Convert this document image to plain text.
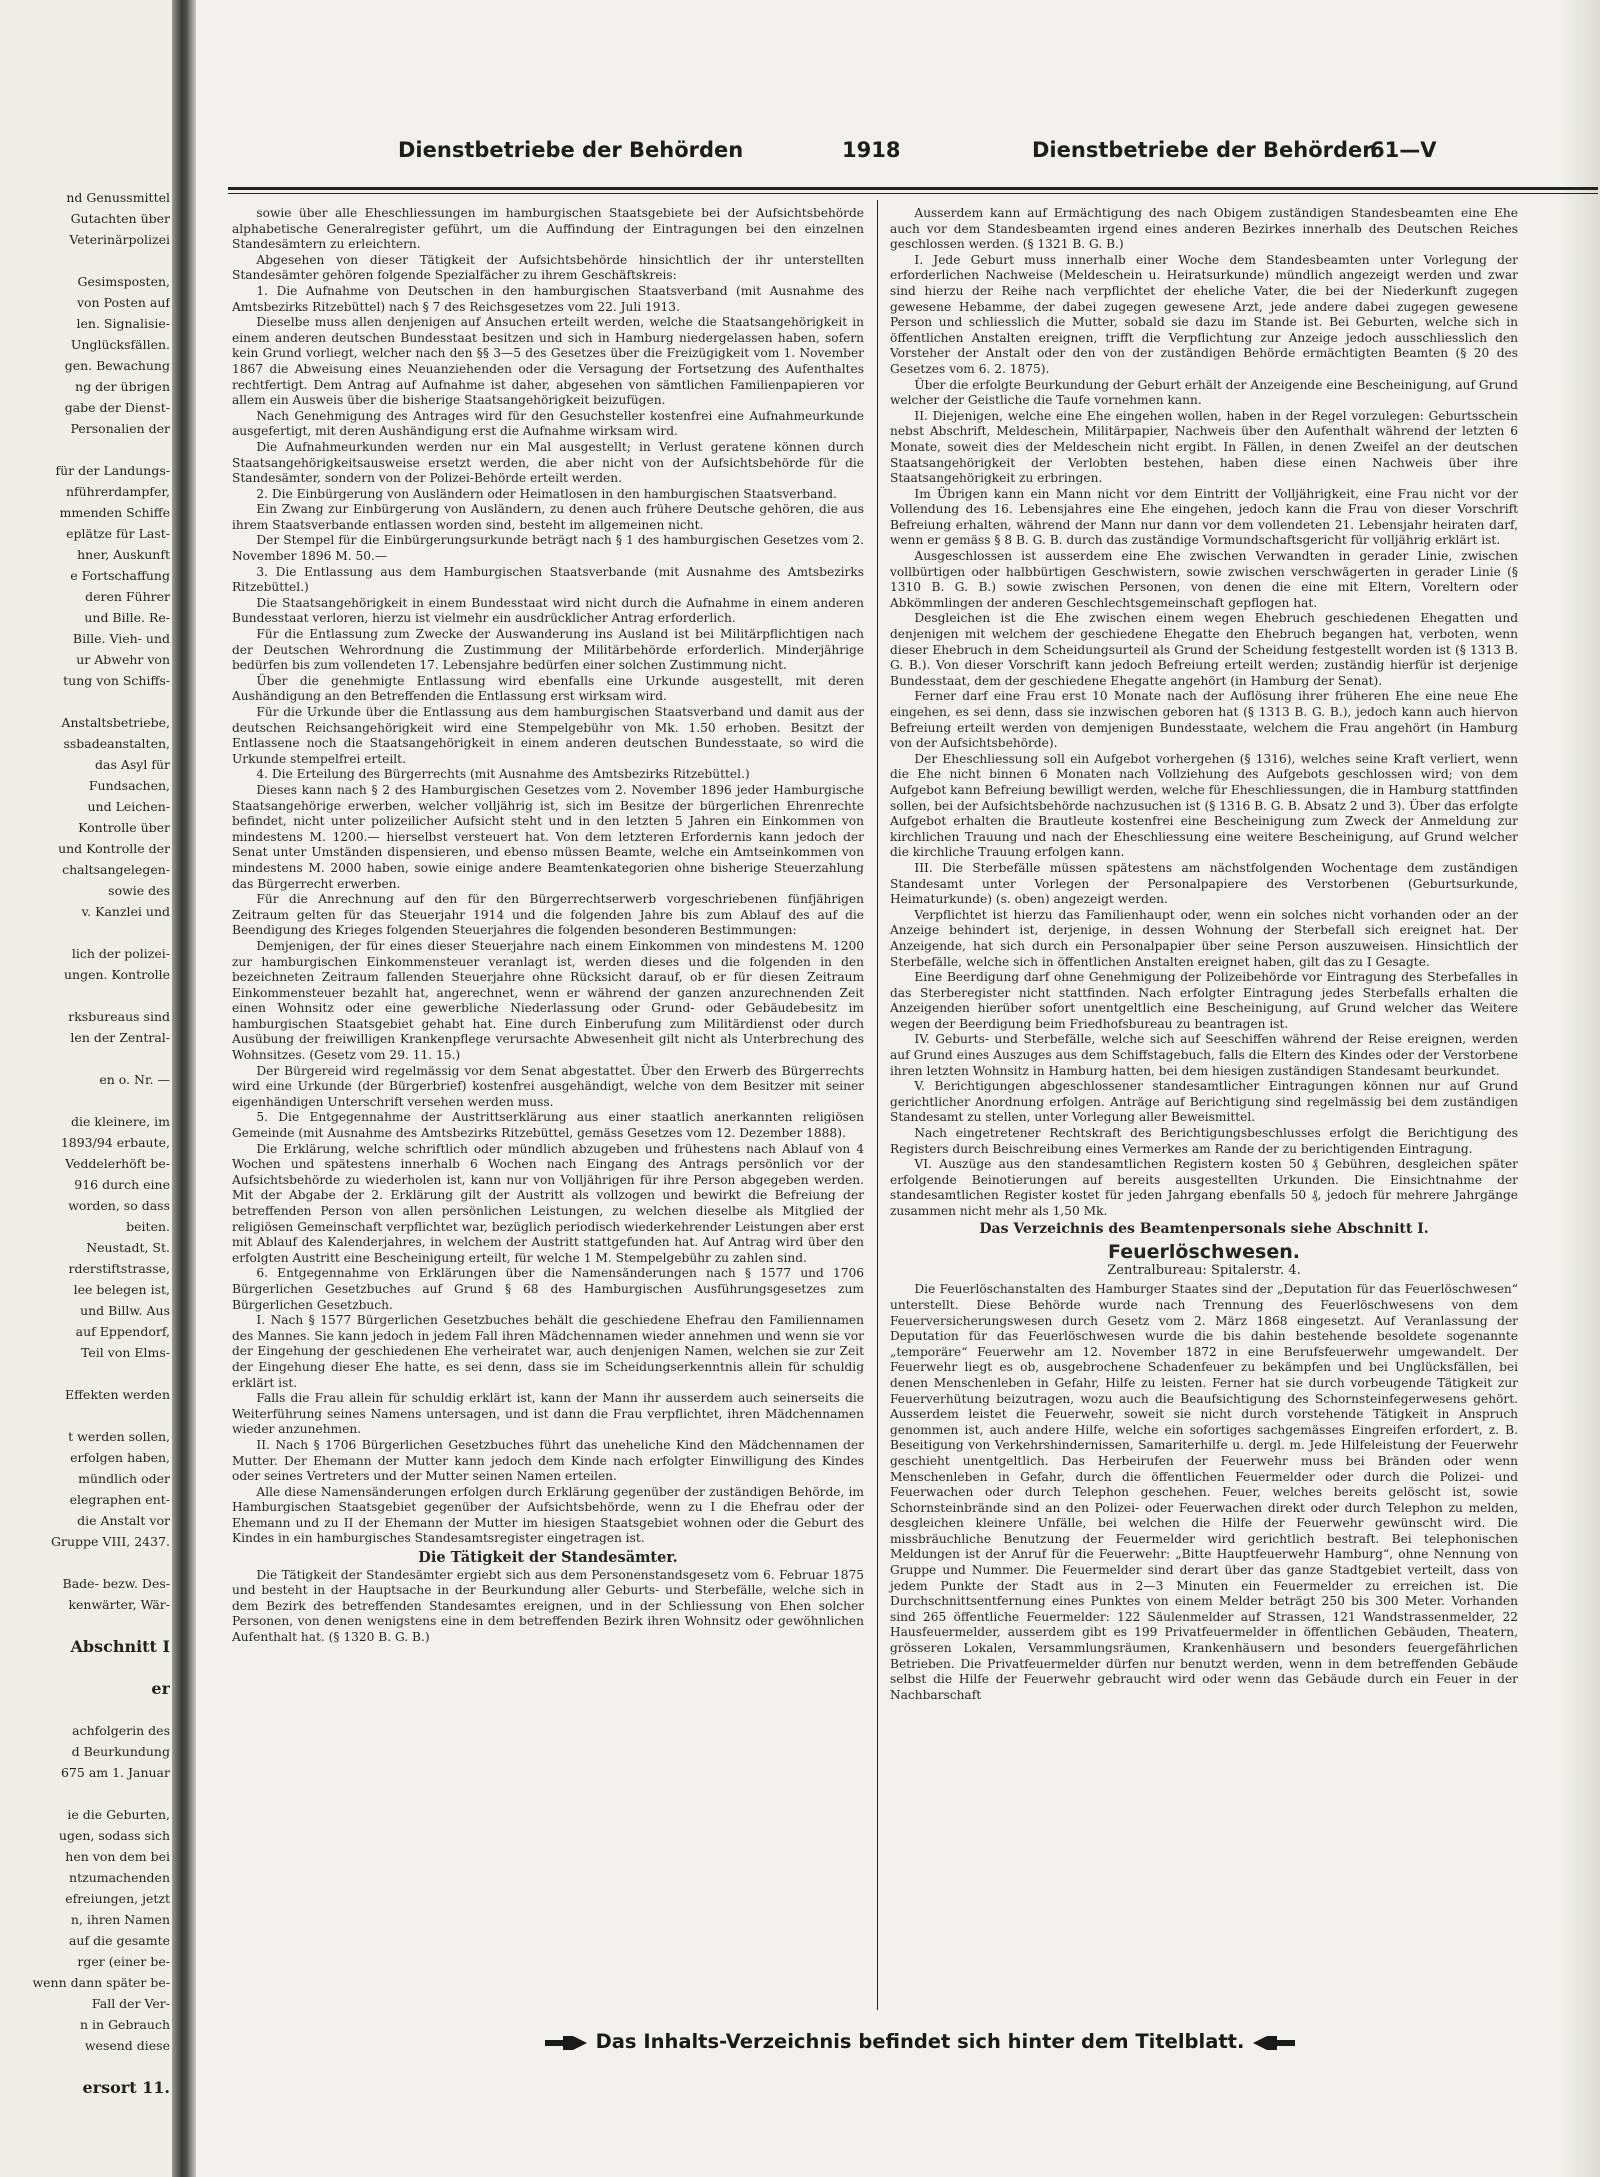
nd Genussmittel
Gutachten über
Veterinärpolizei
Gesimsposten,
von Posten auf
len. Signalisie-
Unglücksfällen.
gen. Bewachung
ng der übrigen
gabe der Dienst-
Personalien der
für der Landungs-
nführerdampfer,
mmenden Schiffe
eplätze für Last-
hner, Auskunft
e Fortschaffung
deren Führer
und Bille. Re-
Bille. Vieh- und
ur Abwehr von
tung von Schiffs-
Anstaltsbetriebe,
ssbadeanstalten,
das Asyl für
Fundsachen,
und Leichen-
Kontrolle über
und Kontrolle der
chaltsangelegen-
sowie des
v. Kanzlei und
lich der polizei-
ungen. Kontrolle
rksbureaus sind
len der Zentral-
en o. Nr. —
die kleinere, im
1893/94 erbaute,
Veddelerhöft be-
916 durch eine
worden, so dass
beiten.
Neustadt, St.
rderstiftstrasse,
lee belegen ist,
und Billw. Aus
auf Eppendorf,
Teil von Elms-
Effekten werden
t werden sollen,
erfolgen haben,
mündlich oder
elegraphen ent-
die Anstalt vor
Gruppe VIII, 2437.
Bade- bezw. Des-
kenwärter, Wär-
Abschnitt I
er
achfolgerin des
d Beurkundung
675 am 1. Januar
ie die Geburten,
ugen, sodass sich
hen von dem bei
ntzumachenden
efreiungen, jetzt
n, ihren Namen
auf die gesamte
rger (einer be-
wenn dann später be-
Fall der Ver-
n in Gebrauch
wesend diese
ersort 11.
Dienstbetriebe der Behörden	1918	Dienstbetriebe der Behörden
61—V

sowie über alle Eheschliessungen im hamburgischen Staatsgebiete bei der Aufsichtsbehörde alphabetische Generalregister geführt, um die Auffindung der Eintragungen bei den einzelnen Standesämtern zu erleichtern.

Abgesehen von dieser Tätigkeit der Aufsichtsbehörde hinsichtlich der ihr unterstellten Standesämter gehören folgende Spezialfächer zu ihrem Geschäftskreis:

1. Die Aufnahme von Deutschen in den hamburgischen Staatsverband (mit Ausnahme des Amtsbezirks Ritzebüttel) nach § 7 des Reichsgesetzes vom 22. Juli 1913.

Dieselbe muss allen denjenigen auf Ansuchen erteilt werden, welche die Staatsangehörigkeit in einem anderen deutschen Bundesstaat besitzen und sich in Hamburg niedergelassen haben, sofern kein Grund vorliegt, welcher nach den §§ 3—5 des Gesetzes über die Freizügigkeit vom 1. November 1867 die Abweisung eines Neuanziehenden oder die Versagung der Fortsetzung des Aufenthaltes rechtfertigt. Dem Antrag auf Aufnahme ist daher, abgesehen von sämtlichen Familienpapieren vor allem ein Ausweis über die bisherige Staatsangehörigkeit beizufügen.

Nach Genehmigung des Antrages wird für den Gesuchsteller kostenfrei eine Aufnahmeurkunde ausgefertigt, mit deren Aushändigung erst die Aufnahme wirksam wird.

Die Aufnahmeurkunden werden nur ein Mal ausgestellt; in Verlust geratene können durch Staatsangehörigkeitsausweise ersetzt werden, die aber nicht von der Aufsichtsbehörde für die Standesämter, sondern von der Polizei-Behörde erteilt werden.

2. Die Einbürgerung von Ausländern oder Heimatlosen in den hamburgischen Staatsverband.

Ein Zwang zur Einbürgerung von Ausländern, zu denen auch frühere Deutsche gehören, die aus ihrem Staatsverbande entlassen worden sind, besteht im allgemeinen nicht.

Der Stempel für die Einbürgerungsurkunde beträgt nach § 1 des hamburgischen Gesetzes vom 2. November 1896 M. 50.—

3. Die Entlassung aus dem Hamburgischen Staatsverbande (mit Ausnahme des Amtsbezirks Ritzebüttel.)

Die Staatsangehörigkeit in einem Bundesstaat wird nicht durch die Aufnahme in einem anderen Bundesstaat verloren, hierzu ist vielmehr ein ausdrücklicher Antrag erforderlich.

Für die Entlassung zum Zwecke der Auswanderung ins Ausland ist bei Militärpflichtigen nach der Deutschen Wehrordnung die Zustimmung der Militärbehörde erforderlich. Minderjährige bedürfen bis zum vollendeten 17. Lebensjahre bedürfen einer solchen Zustimmung nicht.

Über die genehmigte Entlassung wird ebenfalls eine Urkunde ausgestellt, mit deren Aushändigung an den Betreffenden die Entlassung erst wirksam wird.

Für die Urkunde über die Entlassung aus dem hamburgischen Staatsverband und damit aus der deutschen Reichsangehörigkeit wird eine Stempelgebühr von Mk. 1.50 erhoben. Besitzt der Entlassene noch die Staatsangehörigkeit in einem anderen deutschen Bundesstaate, so wird die Urkunde stempelfrei erteilt.

4. Die Erteilung des Bürgerrechts (mit Ausnahme des Amtsbezirks Ritzebüttel.)

Dieses kann nach § 2 des Hamburgischen Gesetzes vom 2. November 1896 jeder Hamburgische Staatsangehörige erwerben, welcher volljährig ist, sich im Besitze der bürgerlichen Ehrenrechte befindet, nicht unter polizeilicher Aufsicht steht und in den letzten 5 Jahren ein Einkommen von mindestens M. 1200.— hierselbst versteuert hat. Von dem letzteren Erfordernis kann jedoch der Senat unter Umständen dispensieren, und ebenso müssen Beamte, welche ein Amtseinkommen von mindestens M. 2000 haben, sowie einige andere Beamtenkategorien ohne bisherige Steuerzahlung das Bürgerrecht erwerben.

Für die Anrechnung auf den für den Bürgerrechtserwerb vorgeschriebenen fünfjährigen Zeitraum gelten für das Steuerjahr 1914 und die folgenden Jahre bis zum Ablauf des auf die Beendigung des Krieges folgenden Steuerjahres die folgenden besonderen Bestimmungen:

Demjenigen, der für eines dieser Steuerjahre nach einem Einkommen von mindestens M. 1200 zur hamburgischen Einkommensteuer veranlagt ist, werden dieses und die folgenden in den bezeichneten Zeitraum fallenden Steuerjahre ohne Rücksicht darauf, ob er für diesen Zeitraum Einkommensteuer bezahlt hat, angerechnet, wenn er während der ganzen anzurechnenden Zeit einen Wohnsitz oder eine gewerbliche Niederlassung oder Grund- oder Gebäudebesitz im hamburgischen Staatsgebiet gehabt hat. Eine durch Einberufung zum Militärdienst oder durch Ausübung der freiwilligen Krankenpflege verursachte Abwesenheit gilt nicht als Unterbrechung des Wohnsitzes. (Gesetz vom 29. 11. 15.)

Der Bürgereid wird regelmässig vor dem Senat abgestattet. Über den Erwerb des Bürgerrechts wird eine Urkunde (der Bürgerbrief) kostenfrei ausgehändigt, welche von dem Besitzer mit seiner eigenhändigen Unterschrift versehen werden muss.

5. Die Entgegennahme der Austrittserklärung aus einer staatlich anerkannten religiösen Gemeinde (mit Ausnahme des Amtsbezirks Ritzebüttel, gemäss Gesetzes vom 12. Dezember 1888).

Die Erklärung, welche schriftlich oder mündlich abzugeben und frühestens nach Ablauf von 4 Wochen und spätestens innerhalb 6 Wochen nach Eingang des Antrags persönlich vor der Aufsichtsbehörde zu wiederholen ist, kann nur von Volljährigen für ihre Person abgegeben werden. Mit der Abgabe der 2. Erklärung gilt der Austritt als vollzogen und bewirkt die Befreiung der betreffenden Person von allen persönlichen Leistungen, zu welchen dieselbe als Mitglied der religiösen Gemeinschaft verpflichtet war, bezüglich periodisch wiederkehrender Leistungen aber erst mit Ablauf des Kalenderjahres, in welchem der Austritt stattgefunden hat. Auf Antrag wird über den erfolgten Austritt eine Bescheinigung erteilt, für welche 1 M. Stempelgebühr zu zahlen sind.

6. Entgegennahme von Erklärungen über die Namensänderungen nach § 1577 und 1706 Bürgerlichen Gesetzbuches auf Grund § 68 des Hamburgischen Ausführungsgesetzes zum Bürgerlichen Gesetzbuch.

I. Nach § 1577 Bürgerlichen Gesetzbuches behält die geschiedene Ehefrau den Familiennamen des Mannes. Sie kann jedoch in jedem Fall ihren Mädchennamen wieder annehmen und wenn sie vor der Eingehung der geschiedenen Ehe verheiratet war, auch denjenigen Namen, welchen sie zur Zeit der Eingehung dieser Ehe hatte, es sei denn, dass sie im Scheidungserkenntnis allein für schuldig erklärt ist.

Falls die Frau allein für schuldig erklärt ist, kann der Mann ihr ausserdem auch seinerseits die Weiterführung seines Namens untersagen, und ist dann die Frau verpflichtet, ihren Mädchennamen wieder anzunehmen.

II. Nach § 1706 Bürgerlichen Gesetzbuches führt das uneheliche Kind den Mädchennamen der Mutter. Der Ehemann der Mutter kann jedoch dem Kinde nach erfolgter Einwilligung des Kindes oder seines Vertreters und der Mutter seinen Namen erteilen.

Alle diese Namensänderungen erfolgen durch Erklärung gegenüber der zuständigen Behörde, im Hamburgischen Staatsgebiet gegenüber der Aufsichtsbehörde, wenn zu I die Ehefrau oder der Ehemann und zu II der Ehemann der Mutter im hiesigen Staatsgebiet wohnen oder die Geburt des Kindes in ein hamburgisches Standesamtsregister eingetragen ist.

Die Tätigkeit der Standesämter.

Die Tätigkeit der Standesämter ergiebt sich aus dem Personenstandsgesetz vom 6. Februar 1875 und besteht in der Hauptsache in der Beurkundung aller Geburts- und Sterbefälle, welche sich in dem Bezirk des betreffenden Standesamtes ereignen, und in der Schliessung von Ehen solcher Personen, von denen wenigstens eine in dem betreffenden Bezirk ihren Wohnsitz oder gewöhnlichen Aufenthalt hat. (§ 1320 B. G. B.)

Ausserdem kann auf Ermächtigung des nach Obigem zuständigen Standesbeamten eine Ehe auch vor dem Standesbeamten irgend eines anderen Bezirkes innerhalb des Deutschen Reiches geschlossen werden. (§ 1321 B. G. B.)

I. Jede Geburt muss innerhalb einer Woche dem Standesbeamten unter Vorlegung der erforderlichen Nachweise (Meldeschein u. Heiratsurkunde) mündlich angezeigt werden und zwar sind hierzu der Reihe nach verpflichtet der eheliche Vater, die bei der Niederkunft zugegen gewesene Hebamme, der dabei zugegen gewesene Arzt, jede andere dabei zugegen gewesene Person und schliesslich die Mutter, sobald sie dazu im Stande ist. Bei Geburten, welche sich in öffentlichen Anstalten ereignen, trifft die Verpflichtung zur Anzeige jedoch ausschliesslich den Vorsteher der Anstalt oder den von der zuständigen Behörde ermächtigten Beamten (§ 20 des Gesetzes vom 6. 2. 1875).

Über die erfolgte Beurkundung der Geburt erhält der Anzeigende eine Bescheinigung, auf Grund welcher der Geistliche die Taufe vornehmen kann.

II. Diejenigen, welche eine Ehe eingehen wollen, haben in der Regel vorzulegen: Geburtsschein nebst Abschrift, Meldeschein, Militärpapier, Nachweis über den Aufenthalt während der letzten 6 Monate, soweit dies der Meldeschein nicht ergibt. In Fällen, in denen Zweifel an der deutschen Staatsangehörigkeit der Verlobten bestehen, haben diese einen Nachweis über ihre Staatsangehörigkeit zu erbringen.

Im Übrigen kann ein Mann nicht vor dem Eintritt der Volljährigkeit, eine Frau nicht vor der Vollendung des 16. Lebensjahres eine Ehe eingehen, jedoch kann die Frau von dieser Vorschrift Befreiung erhalten, während der Mann nur dann vor dem vollendeten 21. Lebensjahr heiraten darf, wenn er gemäss § 8 B. G. B. durch das zuständige Vormundschaftsgericht für volljährig erklärt ist.

Ausgeschlossen ist ausserdem eine Ehe zwischen Verwandten in gerader Linie, zwischen vollbürtigen oder halbbürtigen Geschwistern, sowie zwischen verschwägerten in gerader Linie (§ 1310 B. G. B.) sowie zwischen Personen, von denen die eine mit Eltern, Voreltern oder Abkömmlingen der anderen Geschlechtsgemeinschaft gepflogen hat.

Desgleichen ist die Ehe zwischen einem wegen Ehebruch geschiedenen Ehegatten und denjenigen mit welchem der geschiedene Ehegatte den Ehebruch begangen hat, verboten, wenn dieser Ehebruch in dem Scheidungsurteil als Grund der Scheidung festgestellt worden ist (§ 1313 B. G. B.). Von dieser Vorschrift kann jedoch Befreiung erteilt werden; zuständig hierfür ist derjenige Bundesstaat, dem der geschiedene Ehegatte angehört (in Hamburg der Senat).

Ferner darf eine Frau erst 10 Monate nach der Auflösung ihrer früheren Ehe eine neue Ehe eingehen, es sei denn, dass sie inzwischen geboren hat (§ 1313 B. G. B.), jedoch kann auch hiervon Befreiung erteilt werden von demjenigen Bundesstaate, welchem die Frau angehört (in Hamburg von der Aufsichtsbehörde).

Der Eheschliessung soll ein Aufgebot vorhergehen (§ 1316), welches seine Kraft verliert, wenn die Ehe nicht binnen 6 Monaten nach Vollziehung des Aufgebots geschlossen wird; von dem Aufgebot kann Befreiung bewilligt werden, welche für Eheschliessungen, die in Hamburg stattfinden sollen, bei der Aufsichtsbehörde nachzusuchen ist (§ 1316 B. G. B. Absatz 2 und 3). Über das erfolgte Aufgebot erhalten die Brautleute kostenfrei eine Bescheinigung zum Zweck der Anmeldung zur kirchlichen Trauung und nach der Eheschliessung eine weitere Bescheinigung, auf Grund welcher die kirchliche Trauung erfolgen kann.

III. Die Sterbefälle müssen spätestens am nächstfolgenden Wochentage dem zuständigen Standesamt unter Vorlegen der Personalpapiere des Verstorbenen (Geburtsurkunde, Heimaturkunde) (s. oben) angezeigt werden.

Verpflichtet ist hierzu das Familienhaupt oder, wenn ein solches nicht vorhanden oder an der Anzeige behindert ist, derjenige, in dessen Wohnung der Sterbefall sich ereignet hat. Der Anzeigende, hat sich durch ein Personalpapier über seine Person auszuweisen. Hinsichtlich der Sterbefälle, welche sich in öffentlichen Anstalten ereignet haben, gilt das zu I Gesagte.

Eine Beerdigung darf ohne Genehmigung der Polizeibehörde vor Eintragung des Sterbefalles in das Sterberegister nicht stattfinden. Nach erfolgter Eintragung jedes Sterbefalls erhalten die Anzeigenden hierüber sofort unentgeltlich eine Bescheinigung, auf Grund welcher das Weitere wegen der Beerdigung beim Friedhofsbureau zu beantragen ist.

IV. Geburts- und Sterbefälle, welche sich auf Seeschiffen während der Reise ereignen, werden auf Grund eines Auszuges aus dem Schiffstagebuch, falls die Eltern des Kindes oder der Verstorbene ihren letzten Wohnsitz in Hamburg hatten, bei dem hiesigen zuständigen Standesamt beurkundet.

V. Berichtigungen abgeschlossener standesamtlicher Eintragungen können nur auf Grund gerichtlicher Anordnung erfolgen. Anträge auf Berichtigung sind regelmässig bei dem zuständigen Standesamt zu stellen, unter Vorlegung aller Beweismittel.

Nach eingetretener Rechtskraft des Berichtigungsbeschlusses erfolgt die Berichtigung des Registers durch Beischreibung eines Vermerkes am Rande der zu berichtigenden Eintragung.

VI. Auszüge aus den standesamtlichen Registern kosten 50 ₰ Gebühren, desgleichen später erfolgende Beinotierungen auf bereits ausgestellten Urkunden. Die Einsichtnahme der standesamtlichen Register kostet für jeden Jahrgang ebenfalls 50 ₰, jedoch für mehrere Jahrgänge zusammen nicht mehr als 1,50 Mk.

Das Verzeichnis des Beamtenpersonals siehe Abschnitt I.
Feuerlöschwesen.
Zentralbureau: Spitalerstr. 4.

Die Feuerlöschanstalten des Hamburger Staates sind der „Deputation für das Feuerlöschwesen“ unterstellt. Diese Behörde wurde nach Trennung des Feuerlöschwesens von dem Feuerversicherungswesen durch Gesetz vom 2. März 1868 eingesetzt. Auf Veranlassung der Deputation für das Feuerlöschwesen wurde die bis dahin bestehende besoldete sogenannte „temporäre“ Feuerwehr am 12. November 1872 in eine Berufsfeuerwehr umgewandelt. Der Feuerwehr liegt es ob, ausgebrochene Schadenfeuer zu bekämpfen und bei Unglücksfällen, bei denen Menschenleben in Gefahr, Hilfe zu leisten. Ferner hat sie durch vorbeugende Tätigkeit zur Feuerverhütung beizutragen, wozu auch die Beaufsichtigung des Schornsteinfegerwesens gehört. Ausserdem leistet die Feuerwehr, soweit sie nicht durch vorstehende Tätigkeit in Anspruch genommen ist, auch andere Hilfe, welche ein sofortiges sachgemässes Eingreifen erfordert, z. B. Beseitigung von Verkehrshindernissen, Samariterhilfe u. dergl. m. Jede Hilfeleistung der Feuerwehr geschieht unentgeltlich. Das Herbeirufen der Feuerwehr muss bei Bränden oder wenn Menschenleben in Gefahr, durch die öffentlichen Feuermelder oder durch die Polizei- und Feuerwachen oder durch Telephon geschehen. Feuer, welches bereits gelöscht ist, sowie Schornsteinbrände sind an den Polizei- oder Feuerwachen direkt oder durch Telephon zu melden, desgleichen kleinere Unfälle, bei welchen die Hilfe der Feuerwehr gewünscht wird. Die missbräuchliche Benutzung der Feuermelder wird gerichtlich bestraft. Bei telephonischen Meldungen ist der Anruf für die Feuerwehr: „Bitte Hauptfeuerwehr Hamburg“, ohne Nennung von Gruppe und Nummer. Die Feuermelder sind derart über das ganze Stadtgebiet verteilt, dass von jedem Punkte der Stadt aus in 2—3 Minuten ein Feuermelder zu erreichen ist. Die Durchschnittsentfernung eines Punktes von einem Melder beträgt 250 bis 300 Meter. Vorhanden sind 265 öffentliche Feuermelder: 122 Säulenmelder auf Strassen, 121 Wandstrassenmelder, 22 Hausfeuermelder, ausserdem gibt es 199 Privatfeuermelder in öffentlichen Gebäuden, Theatern, grösseren Lokalen, Versammlungsräumen, Krankenhäusern und besonders feuergefährlichen Betrieben. Die Privatfeuermelder dürfen nur benutzt werden, wenn in dem betreffenden Gebäude selbst die Hilfe der Feuerwehr gebraucht wird oder wenn das Gebäude durch ein Feuer in der Nachbarschaft

Das Inhalts-Verzeichnis befindet sich hinter dem Titelblatt.
